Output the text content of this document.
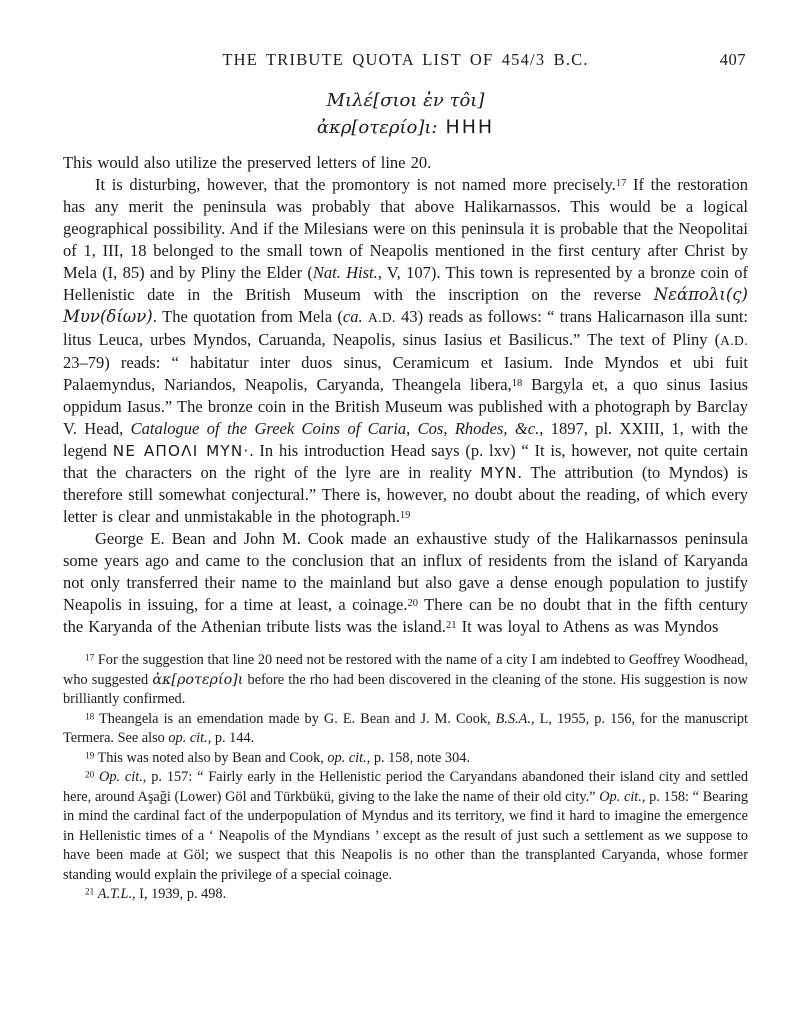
THE TRIBUTE QUOTA LIST OF 454/3 B.C.	407
Μιλέ[σιοι ἐν τôι]
ἀκρ[οτερίο]ι: ΗΗΗ

This would also utilize the preserved letters of line 20.

It is disturbing, however, that the promontory is not named more precisely.$^{17}$ If the restoration has any merit the peninsula was probably that above Halikarnassos. This would be a logical geographical possibility. And if the Milesians were on this peninsula it is probable that the Neopolitai of 1, III, 18 belonged to the small town of Neapolis mentioned in the first century after Christ by Mela (I, 85) and by Pliny the Elder (Nat. Hist., V, 107). This town is represented by a bronze coin of Hellenistic date in the British Museum with the inscription on the reverse Νεάπολι(ς) Μυν(δίων). The quotation from Mela (ca. A.D. 43) reads as follows: “ trans Halicarnason illa sunt: litus Leuca, urbes Myndos, Caruanda, Neapolis, sinus Iasius et Basilicus.” The text of Pliny (A.D. 23–79) reads: “ habitatur inter duos sinus, Ceramicum et Iasium. Inde Myndos et ubi fuit Palaemyndus, Nariandos, Neapolis, Caryanda, Theangela libera,$^{18}$ Bargyla et, a quo sinus Iasius oppidum Iasus.” The bronze coin in the British Museum was published with a photograph by Barclay V. Head, Catalogue of the Greek Coins of Caria, Cos, Rhodes, &c., 1897, pl. XXIII, 1, with the legend ΝΕ ΑΠΟΛΙ ΜΥΝ·. In his introduction Head says (p. lxv) “ It is, however, not quite certain that the characters on the right of the lyre are in reality ΜΥΝ. The attribution (to Myndos) is therefore still somewhat conjectural.” There is, however, no doubt about the reading, of which every letter is clear and unmistakable in the photograph.$^{19}$

George E. Bean and John M. Cook made an exhaustive study of the Halikarnassos peninsula some years ago and came to the conclusion that an influx of residents from the island of Karyanda not only transferred their name to the mainland but also gave a dense enough population to justify Neapolis in issuing, for a time at least, a coinage.$^{20}$ There can be no doubt that in the fifth century the Karyanda of the Athenian tribute lists was the island.$^{21}$ It was loyal to Athens as was Myndos

$^{17}$ For the suggestion that line 20 need not be restored with the name of a city I am indebted to Geoffrey Woodhead, who suggested ἀκ[ροτερίο]ι before the rho had been discovered in the cleaning of the stone. His suggestion is now brilliantly confirmed.

$^{18}$ Theangela is an emendation made by G. E. Bean and J. M. Cook, B.S.A., L, 1955, p. 156, for the manuscript Termera. See also op. cit., p. 144.

$^{19}$ This was noted also by Bean and Cook, op. cit., p. 158, note 304.

$^{20}$ Op. cit., p. 157: “ Fairly early in the Hellenistic period the Caryandans abandoned their island city and settled here, around Aşaği (Lower) Göl and Türkbükü, giving to the lake the name of their old city.” Op. cit., p. 158: “ Bearing in mind the cardinal fact of the underpopulation of Myndus and its territory, we find it hard to imagine the emergence in Hellenistic times of a ‘ Neapolis of the Myndians ’ except as the result of just such a settlement as we suppose to have been made at Göl; we suspect that this Neapolis is no other than the transplanted Caryanda, whose former standing would explain the privilege of a special coinage.

$^{21}$ A.T.L., I, 1939, p. 498.
